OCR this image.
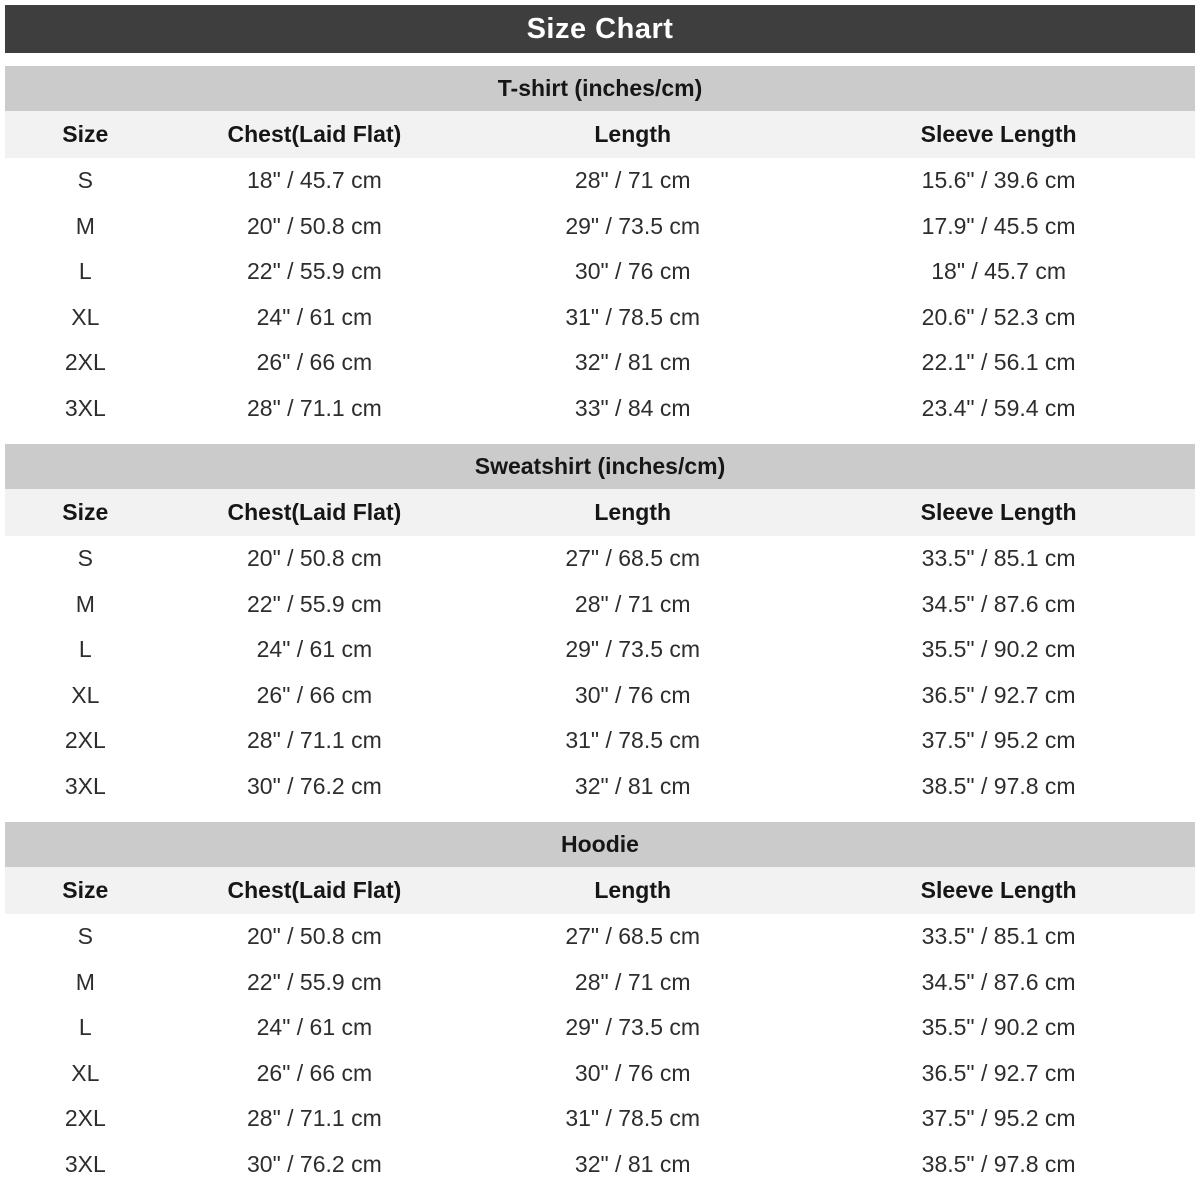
Size Chart
T-shirt (inches/cm)
Size	Chest(Laid Flat)	Length	Sleeve Length
S	18" / 45.7 cm	28" / 71 cm	15.6" / 39.6 cm
M	20" / 50.8 cm	29" / 73.5 cm	17.9" / 45.5 cm
L	22" / 55.9 cm	30" / 76 cm	18" / 45.7 cm
XL	24" / 61 cm	31" / 78.5 cm	20.6" / 52.3 cm
2XL	26" / 66 cm	32" / 81 cm	22.1" / 56.1 cm
3XL	28" / 71.1 cm	33" / 84 cm	23.4" / 59.4 cm
Sweatshirt (inches/cm)
Size	Chest(Laid Flat)	Length	Sleeve Length
S	20" / 50.8 cm	27" / 68.5 cm	33.5" / 85.1 cm
M	22" / 55.9 cm	28" / 71 cm	34.5" / 87.6 cm
L	24" / 61 cm	29" / 73.5 cm	35.5" / 90.2 cm
XL	26" / 66 cm	30" / 76 cm	36.5" / 92.7 cm
2XL	28" / 71.1 cm	31" / 78.5 cm	37.5" / 95.2 cm
3XL	30" / 76.2 cm	32" / 81 cm	38.5" / 97.8 cm
Hoodie
Size	Chest(Laid Flat)	Length	Sleeve Length
S	20" / 50.8 cm	27" / 68.5 cm	33.5" / 85.1 cm
M	22" / 55.9 cm	28" / 71 cm	34.5" / 87.6 cm
L	24" / 61 cm	29" / 73.5 cm	35.5" / 90.2 cm
XL	26" / 66 cm	30" / 76 cm	36.5" / 92.7 cm
2XL	28" / 71.1 cm	31" / 78.5 cm	37.5" / 95.2 cm
3XL	30" / 76.2 cm	32" / 81 cm	38.5" / 97.8 cm
